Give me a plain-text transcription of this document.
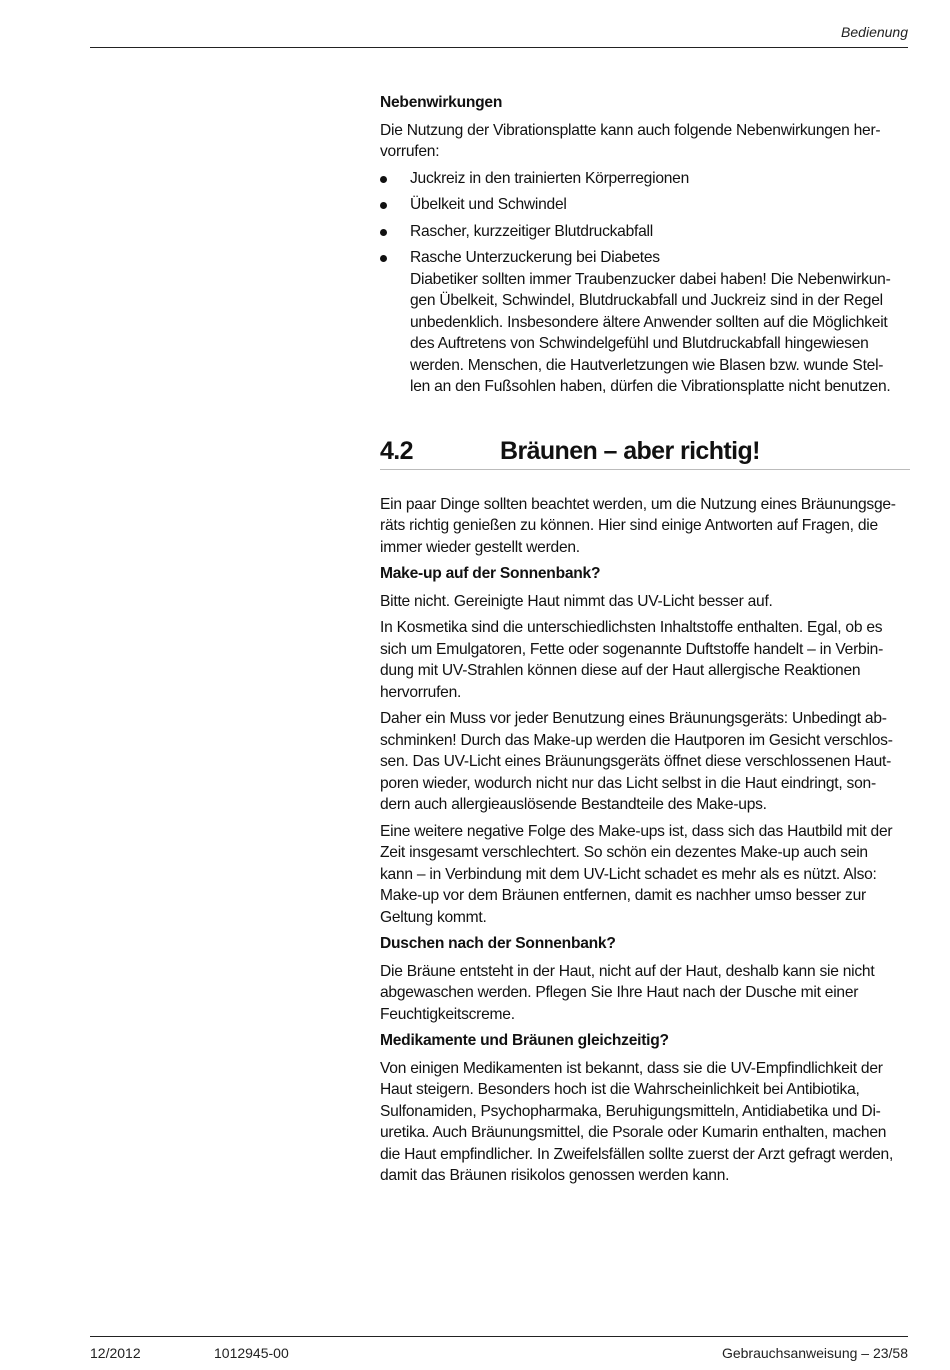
Bedienung
Nebenwirkungen

Die Nutzung der Vibrationsplatte kann auch folgende Nebenwirkungen her-
vorrufen:

Juckreiz in den trainierten Körperregionen
Übelkeit und Schwindel
Rascher, kurzzeitiger Blutdruckabfall
Rasche Unterzuckerung bei Diabetes
Diabetiker sollten immer Traubenzucker dabei haben! Die Nebenwirkun-
gen Übelkeit, Schwindel, Blutdruckabfall und Juckreiz sind in der Regel
unbedenklich. Insbesondere ältere Anwender sollten auf die Möglichkeit
des Auftretens von Schwindelgefühl und Blutdruckabfall hingewiesen
werden. Menschen, die Hautverletzungen wie Blasen bzw. wunde Stel-
len an den Fußsohlen haben, dürfen die Vibrationsplatte nicht benutzen.
4.2	Bräunen – aber richtig!

Ein paar Dinge sollten beachtet werden, um die Nutzung eines Bräunungsge-
räts richtig genießen zu können. Hier sind einige Antworten auf Fragen, die
immer wieder gestellt werden.

Make-up auf der Sonnenbank?

Bitte nicht. Gereinigte Haut nimmt das UV-Licht besser auf.

In Kosmetika sind die unterschiedlichsten Inhaltstoffe enthalten. Egal, ob es
sich um Emulgatoren, Fette oder sogenannte Duftstoffe handelt – in Verbin-
dung mit UV-Strahlen können diese auf der Haut allergische Reaktionen
hervorrufen.

Daher ein Muss vor jeder Benutzung eines Bräunungsgeräts: Unbedingt ab-
schminken! Durch das Make-up werden die Hautporen im Gesicht verschlos-
sen. Das UV-Licht eines Bräunungsgeräts öffnet diese verschlossenen Haut-
poren wieder, wodurch nicht nur das Licht selbst in die Haut eindringt, son-
dern auch allergieauslösende Bestandteile des Make-ups.

Eine weitere negative Folge des Make-ups ist, dass sich das Hautbild mit der
Zeit insgesamt verschlechtert. So schön ein dezentes Make-up auch sein
kann – in Verbindung mit dem UV-Licht schadet es mehr als es nützt. Also:
Make-up vor dem Bräunen entfernen, damit es nachher umso besser zur
Geltung kommt.

Duschen nach der Sonnenbank?

Die Bräune entsteht in der Haut, nicht auf der Haut, deshalb kann sie nicht
abgewaschen werden. Pflegen Sie Ihre Haut nach der Dusche mit einer
Feuchtigkeitscreme.

Medikamente und Bräunen gleichzeitig?

Von einigen Medikamenten ist bekannt, dass sie die UV-Empfindlichkeit der
Haut steigern. Besonders hoch ist die Wahrscheinlichkeit bei Antibiotika,
Sulfonamiden, Psychopharmaka, Beruhigungsmitteln, Antidiabetika und Di-
uretika. Auch Bräunungsmittel, die Psorale oder Kumarin enthalten, machen
die Haut empfindlicher. In Zweifelsfällen sollte zuerst der Arzt gefragt werden,
damit das Bräunen risikolos genossen werden kann.

12/2012	1012945-00	Gebrauchsanweisung – 23/58
